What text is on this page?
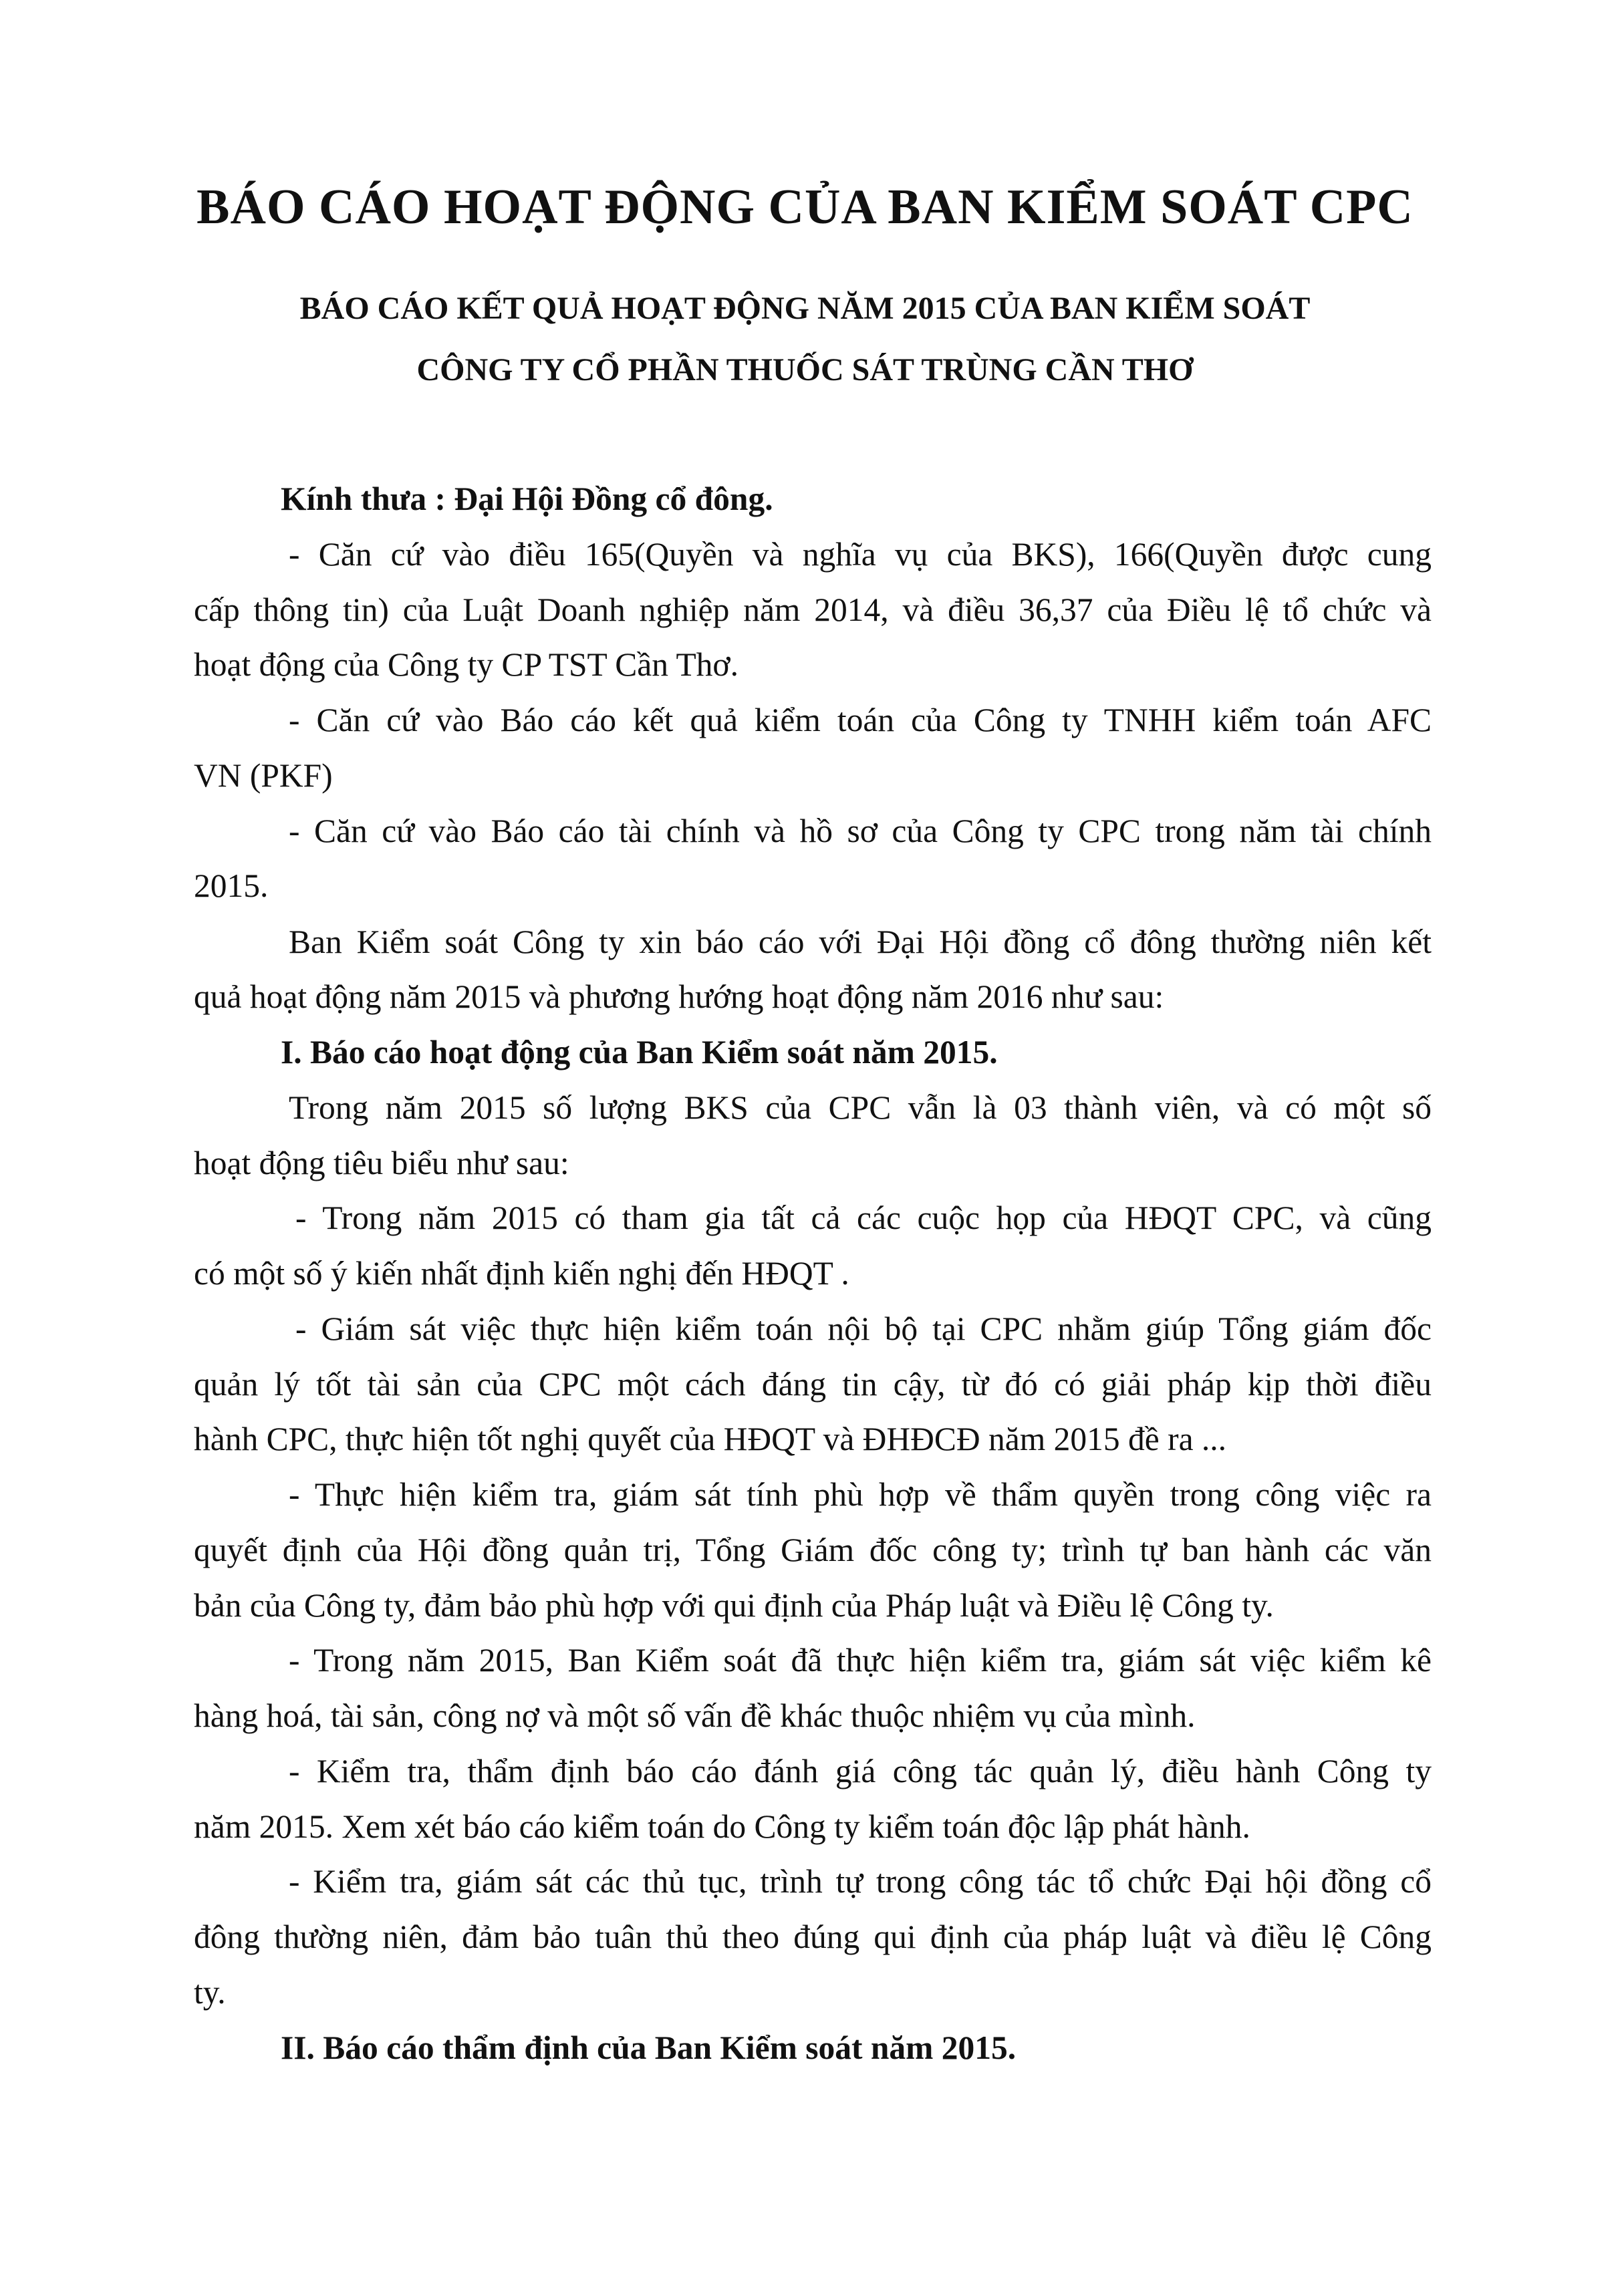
BÁO CÁO HOẠT ĐỘNG CỦA BAN KIỂM SOÁT CPC
BÁO CÁO KẾT QUẢ HOẠT ĐỘNG NĂM 2015 CỦA BAN KIỂM SOÁT
CÔNG TY CỔ PHẦN THUỐC SÁT TRÙNG CẦN THƠ

Kính thưa : Đại Hội Đồng cổ đông.

- Căn cứ vào điều 165(Quyền và nghĩa vụ của BKS), 166(Quyền được cung

cấp thông tin) của Luật Doanh nghiệp năm 2014, và điều 36,37 của Điều lệ tổ chức và

hoạt động của Công ty CP TST Cần Thơ.

- Căn cứ vào Báo cáo kết quả kiểm toán của Công ty TNHH kiểm toán AFC

VN (PKF)

- Căn cứ vào Báo cáo tài chính và hồ sơ của Công ty CPC trong năm tài chính

2015.

Ban Kiểm soát Công ty xin báo cáo với Đại Hội đồng cổ đông thường niên kết

quả hoạt động năm 2015 và phương hướng hoạt động năm 2016 như sau:

I. Báo cáo hoạt động của Ban Kiểm soát năm 2015.

Trong năm 2015 số lượng BKS của CPC vẫn là 03 thành viên, và có một số

hoạt động tiêu biểu như sau:

- Trong năm 2015 có tham gia tất cả các cuộc họp của HĐQT CPC, và cũng

có một số ý kiến nhất định kiến nghị đến HĐQT .

- Giám sát việc thực hiện kiểm toán nội bộ tại CPC nhằm giúp Tổng giám đốc

quản lý tốt tài sản của CPC một cách đáng tin cậy, từ đó có giải pháp kịp thời điều

hành CPC, thực hiện tốt nghị quyết của HĐQT và ĐHĐCĐ năm 2015 đề ra ...

- Thực hiện kiểm tra, giám sát tính phù hợp về thẩm quyền trong công việc ra

quyết định của Hội đồng quản trị, Tổng Giám đốc công ty; trình tự ban hành các văn

bản của Công ty, đảm bảo phù hợp với qui định của Pháp luật và Điều lệ Công ty.

- Trong năm 2015, Ban Kiểm soát đã thực hiện kiểm tra, giám sát việc kiểm kê

hàng hoá, tài sản, công nợ và một số vấn đề khác thuộc nhiệm vụ của mình.

- Kiểm tra, thẩm định báo cáo đánh giá công tác quản lý, điều hành Công ty

năm 2015. Xem xét báo cáo kiểm toán do Công ty kiểm toán độc lập phát hành.

- Kiểm tra, giám sát các thủ tục, trình tự trong công tác tổ chức Đại hội đồng cổ

đông thường niên, đảm bảo tuân thủ theo đúng qui định của pháp luật và điều lệ Công

ty.

II. Báo cáo thẩm định của Ban Kiểm soát năm 2015.
